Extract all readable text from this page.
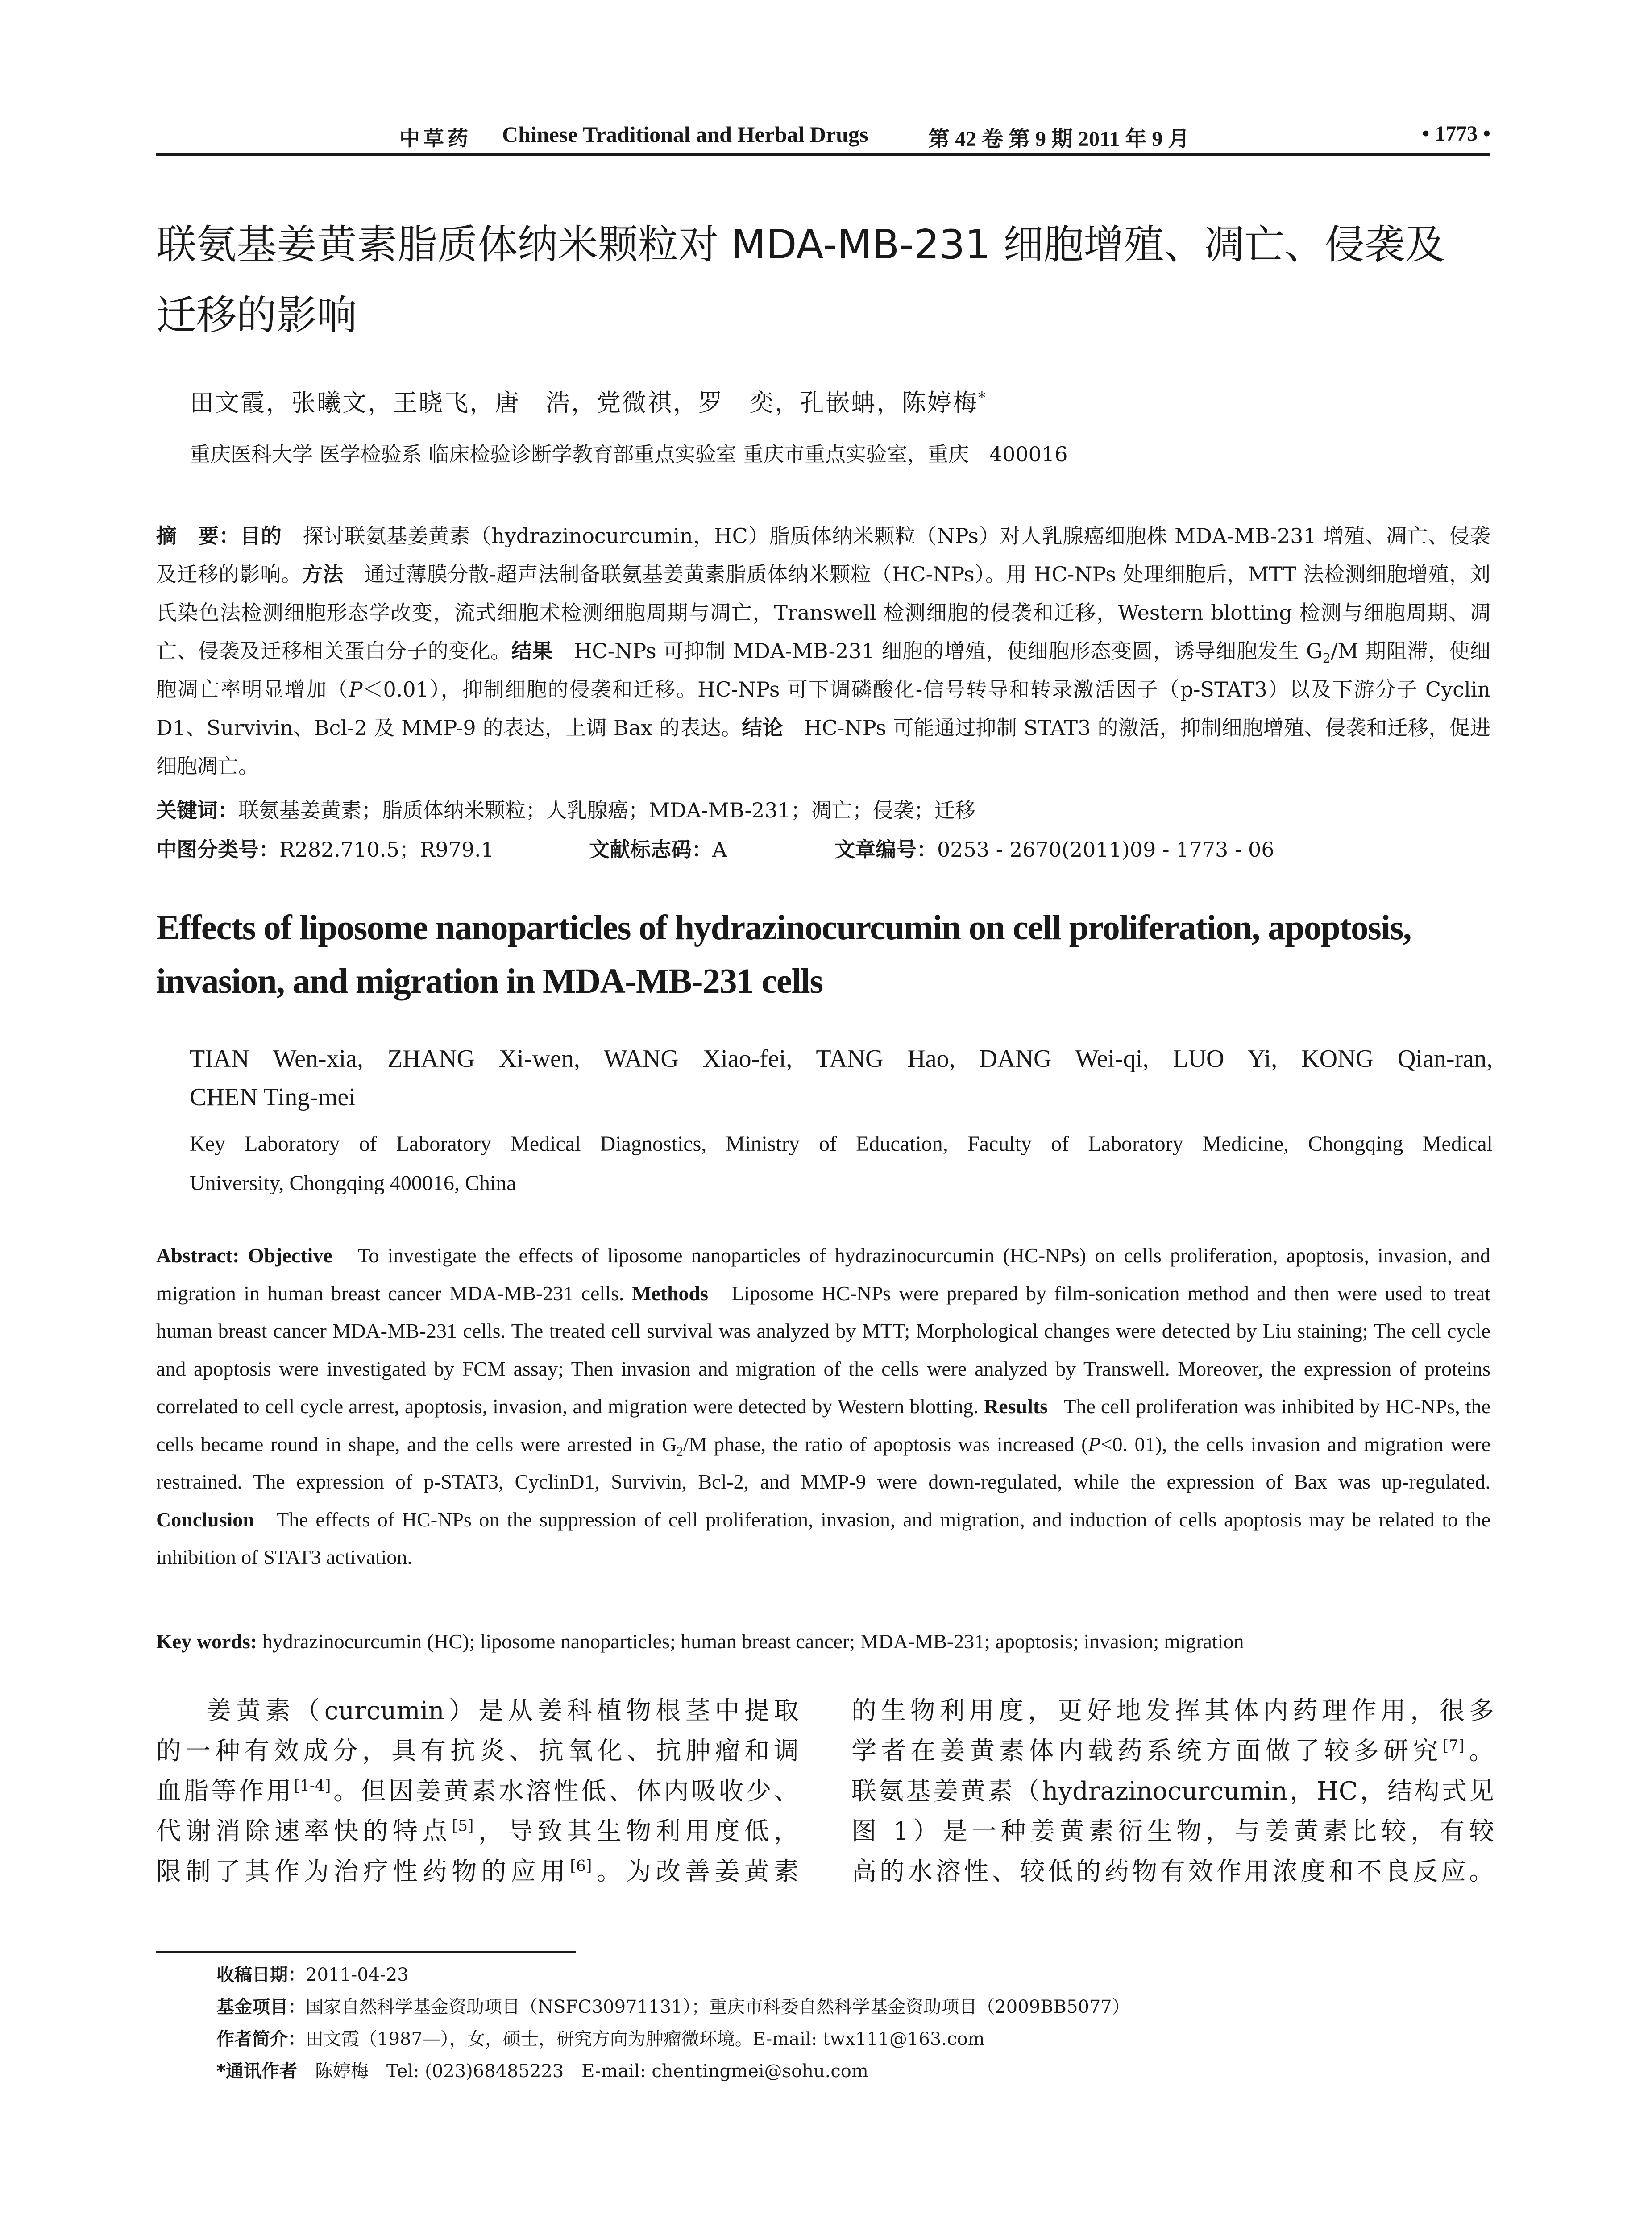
中草药 Chinese Traditional and Herbal Drugs	第 42 卷 第 9 期 2011 年 9 月	• 1773 •
联氨基姜黄素脂质体纳米颗粒对 MDA-MB-231 细胞增殖、凋亡、侵袭及
迁移的影响
田文霞，张曦文，王晓飞，唐　浩，党微祺，罗　奕，孔嵌蚺，陈婷梅*
重庆医科大学 医学检验系 临床检验诊断学教育部重点实验室 重庆市重点实验室，重庆　400016
摘　要：目的　 探讨联氨基姜黄素（hydrazinocurcumin，HC）脂质体纳米颗粒（NPs）对人乳腺癌细胞株 MDA-MB-231 增殖、凋亡、侵袭及迁移的影响。方法　 通过薄膜分散-超声法制备联氨基姜黄素脂质体纳米颗粒（HC-NPs）。用 HC-NPs 处理细胞后，MTT 法检测细胞增殖，刘氏染色法检测细胞形态学改变，流式细胞术检测细胞周期与凋亡，Transwell 检测细胞的侵袭和迁移，Western blotting 检测与细胞周期、凋亡、侵袭及迁移相关蛋白分子的变化。结果　 HC-NPs 可抑制 MDA-MB-231 细胞的增殖，使细胞形态变圆，诱导细胞发生 $G_2/M$ 期阻滞，使细胞凋亡率明显增加（P＜0.01），抑制细胞的侵袭和迁移。HC-NPs 可下调磷酸化-信号转导和转录激活因子（p-STAT3）以及下游分子 Cyclin D1、Survivin、Bcl-2 及 MMP-9 的表达，上调 Bax 的表达。结论　 HC-NPs 可能通过抑制 STAT3 的激活，抑制细胞增殖、侵袭和迁移，促进细胞凋亡。
关键词：联氨基姜黄素；脂质体纳米颗粒；人乳腺癌；MDA-MB-231；凋亡；侵袭；迁移
中图分类号：R282.710.5；R979.1	文献标志码：A	文章编号：0253 - 2670(2011)09 - 1773 - 06
Effects of liposome nanoparticles of hydrazinocurcumin on cell proliferation, apoptosis,
invasion, and migration in MDA-MB-231 cells
TIAN Wen-xia, ZHANG Xi-wen, WANG Xiao-fei, TANG Hao, DANG Wei-qi, LUO Yi, KONG Qian-ran,
CHEN Ting-mei
Key Laboratory of Laboratory Medical Diagnostics, Ministry of Education, Faculty of Laboratory Medicine, Chongqing Medical
University, Chongqing 400016, China
Abstract: Objective To investigate the effects of liposome nanoparticles of hydrazinocurcumin (HC-NPs) on cells proliferation, apoptosis, invasion, and migration in human breast cancer MDA-MB-231 cells. Methods Liposome HC-NPs were prepared by film-sonication method and then were used to treat human breast cancer MDA-MB-231 cells. The treated cell survival was analyzed by MTT; Morphological changes were detected by Liu staining; The cell cycle and apoptosis were investigated by FCM assay; Then invasion and migration of the cells were analyzed by Transwell. Moreover, the expression of proteins correlated to cell cycle arrest, apoptosis, invasion, and migration were detected by Western blotting. Results The cell proliferation was inhibited by HC-NPs, the cells became round in shape, and the cells were arrested in $G_2/M$ phase, the ratio of apoptosis was increased (P<0. 01), the cells invasion and migration were restrained. The expression of p-STAT3, CyclinD1, Survivin, Bcl-2, and MMP-9 were down-regulated, while the expression of Bax was up-regulated. Conclusion The effects of HC-NPs on the suppression of cell proliferation, invasion, and migration, and induction of cells apoptosis may be related to the inhibition of STAT3 activation.
Key words: hydrazinocurcumin (HC); liposome nanoparticles; human breast cancer; MDA-MB-231; apoptosis; invasion; migration
姜黄素（curcumin）是从姜科植物根茎中提取
的一种有效成分，具有抗炎、抗氧化、抗肿瘤和调
血脂等作用[1-4]。但因姜黄素水溶性低、体内吸收少、
代谢消除速率快的特点[5]，导致其生物利用度低，
限制了其作为治疗性药物的应用[6]。为改善姜黄素
的生物利用度，更好地发挥其体内药理作用，很多
学者在姜黄素体内载药系统方面做了较多研究[7]。
联氨基姜黄素（hydrazinocurcumin，HC，结构式见
图 1）是一种姜黄素衍生物，与姜黄素比较，有较
高的水溶性、较低的药物有效作用浓度和不良反应。
收稿日期：2011-04-23
基金项目：国家自然科学基金资助项目（NSFC30971131）；重庆市科委自然科学基金资助项目（2009BB5077）
作者简介：田文霞（1987—），女，硕士，研究方向为肿瘤微环境。E-mail: twx111@163.com
*通讯作者　 陈婷梅　Tel: (023)68485223　E-mail: chentingmei@sohu.com
